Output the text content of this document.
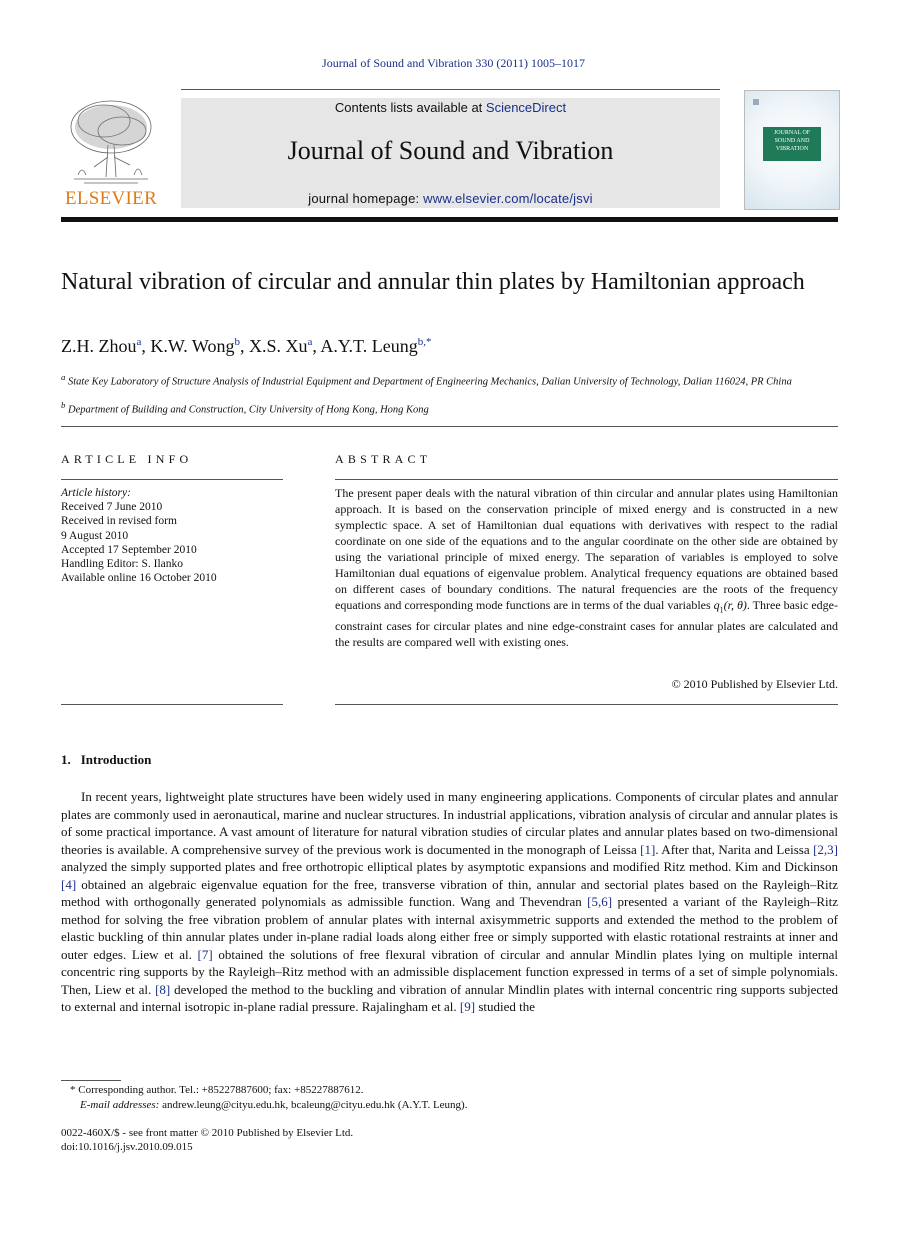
Journal of Sound and Vibration 330 (2011) 1005–1017
ELSEVIER
Contents lists available at ScienceDirect
Journal of Sound and Vibration
journal homepage: www.elsevier.com/locate/jsvi
JOURNAL OF SOUND AND VIBRATION
Natural vibration of circular and annular thin plates by Hamiltonian approach
Z.H. Zhou$^a$, K.W. Wong$^b$, X.S. Xu$^a$, A.Y.T. Leung$^{b,*}$
$^a$ State Key Laboratory of Structure Analysis of Industrial Equipment and Department of Engineering Mechanics, Dalian University of Technology, Dalian 116024, PR China
$^b$ Department of Building and Construction, City University of Hong Kong, Hong Kong
ARTICLE INFO
Article history:
Received 7 June 2010
Received in revised form
9 August 2010
Accepted 17 September 2010
Handling Editor: S. Ilanko
Available online 16 October 2010
ABSTRACT
The present paper deals with the natural vibration of thin circular and annular plates using Hamiltonian approach. It is based on the conservation principle of mixed energy and is constructed in a new symplectic space. A set of Hamiltonian dual equations with derivatives with respect to the radial coordinate on one side of the equations and to the angular coordinate on the other side are obtained by using the variational principle of mixed energy. The separation of variables is employed to solve Hamiltonian dual equations of eigenvalue problem. Analytical frequency equations are obtained based on different cases of boundary conditions. The natural frequencies are the roots of the frequency equations and corresponding mode functions are in terms of the dual variables $q_1(r$, θ). Three basic edge-constraint cases for circular plates and nine edge-constraint cases for annular plates are calculated and the results are compared well with existing ones.
© 2010 Published by Elsevier Ltd.
1. Introduction
In recent years, lightweight plate structures have been widely used in many engineering applications. Components of circular plates and annular plates are commonly used in aeronautical, marine and nuclear structures. In industrial applications, vibration analysis of circular and annular plates is of some practical importance. A vast amount of literature for natural vibration studies of circular plates and annular plates based on two-dimensional theories is available. A comprehensive survey of the previous work is documented in the monograph of Leissa [1]. After that, Narita and Leissa [2,3] analyzed the simply supported plates and free orthotropic elliptical plates by asymptotic expansions and modified Ritz method. Kim and Dickinson [4] obtained an algebraic eigenvalue equation for the free, transverse vibration of thin, annular and sectorial plates based on the Rayleigh–Ritz method with orthogonally generated polynomials as admissible function. Wang and Thevendran [5,6] presented a variant of the Rayleigh–Ritz method for solving the free vibration problem of annular plates with internal axisymmetric supports and extended the method to the problem of elastic buckling of thin annular plates under in-plane radial loads along either free or simply supported with elastic rotational restraints at inner and outer edges. Liew et al. [7] obtained the solutions of free flexural vibration of circular and annular Mindlin plates lying on multiple internal concentric ring supports by the Rayleigh–Ritz method with an admissible displacement function expressed in terms of a set of simple polynomials. Then, Liew et al. [8] developed the method to the buckling and vibration of annular Mindlin plates with internal concentric ring supports subjected to external and internal isotropic in-plane radial pressure. Rajalingham et al. [9] studied the
* Corresponding author. Tel.: +85227887600; fax: +85227887612.
E-mail addresses: andrew.leung@cityu.edu.hk, bcaleung@cityu.edu.hk (A.Y.T. Leung).
0022-460X/$ - see front matter © 2010 Published by Elsevier Ltd.
doi:10.1016/j.jsv.2010.09.015
